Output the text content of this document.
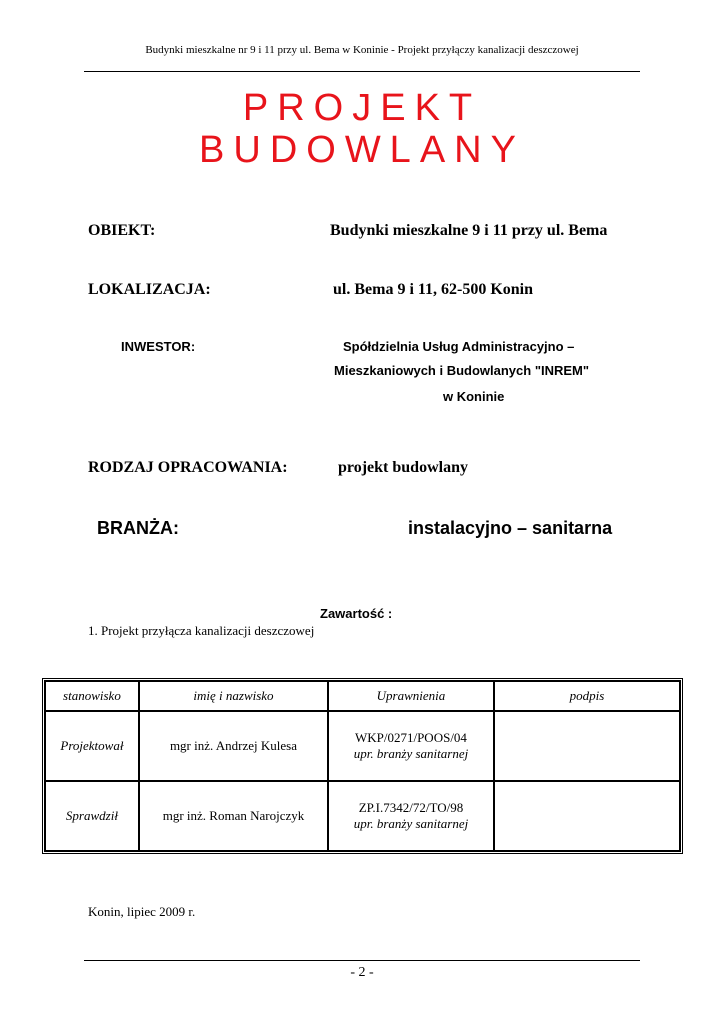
Budynki mieszkalne nr 9 i 11 przy ul. Bema w Koninie - Projekt przyłączy kanalizacji deszczowej
PROJEKT
BUDOWLANY
OBIEKT:	Budynki mieszkalne 9 i 11 przy ul. Bema
LOKALIZACJA:	ul. Bema 9 i 11, 62-500 Konin
INWESTOR:	Spółdzielnia Usług Administracyjno –
Mieszkaniowych i Budowlanych "INREM"
w Koninie
RODZAJ OPRACOWANIA:	projekt budowlany
BRANŻA:	instalacyjno – sanitarna
Zawartość :
1. Projekt przyłącza kanalizacji deszczowej
stanowisko	imię i nazwisko	Uprawnienia	podpis
Projektował	mgr inż. Andrzej Kulesa	WKP/0271/POOS/04
upr. branży sanitarnej	

Sprawdził	mgr inż. Roman Narojczyk	ZP.I.7342/72/TO/98
upr. branży sanitarnej	

Konin, lipiec 2009 r.
- 2 -
